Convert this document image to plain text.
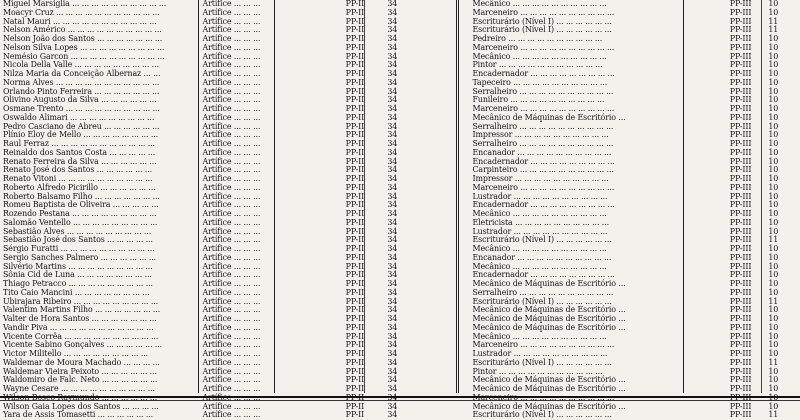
Miguel Marsiglia ... ... ... ... ... ... ... ... ... ...
Moacyr Cruz ... ... ... ... ... ... ... ... ... ... ...
Natal Mauri ... ... ... ... ... ... ... ... ... ... ...
Nelson Américo ... ... ... ... ... ... ... ... ... ...
Nelson João dos Santos ... ... ... ... ... ... ...
Nelson Silva Lopes ... ... ... ... ... ... ... ... ...
Nemésio Garcon ... ... ... ... ... ... ... ... ... ...
Nicola Della Valle ... ... ... ... ... ... ... ... ...
Nilza Maria da Conceição Albernaz ... ...
Norma Alves ... ... ... ... ... ... ... ... ... ... ...
Orlando Pinto Ferreira ... ... ... ... ... ... ...
Olivino Augusto da Silva ... ... ... ... ... ...
Osmane Trento ... ... ... ... ... ... ... ... ... ...
Oswaldo Alimari ... ... ... ... ... ... ... ... ...
Pedro Casciano de Abreu ... ... ... ... ... ...
Plínio Eloy de Mello ... ... ... ... ... ... ... ...
Raul Ferraz ... ... ... ... ... ... ... ... ... ... ...
Reinaldo dos Santos Costa ... ... ... ... ...
Renato Ferreira da Silva ... ... ... ... ... ...
Renato José dos Santos ... ... ... ... ... ...
Renato Vitoni ... ... ... ... ... ... ... ... ... ...
Roberto Alfredo Picirillo ... ... ... ... ... ...
Roberto Balsamo Filho ... ... ... ... ... ... ...
Romeu Baptista de Oliveira ... ... ... ... ...
Rozendo Pestana ... ... ... ... ... ... ... ... ...
Salomão Ventello ... ... ... ... ... ... ... ... ...
Sebastião Alves ... ... ... ... ... ... ... ... ...
Sebastião José dos Santos ... ... ... ... ...
Sérgio Furatti ... ... ... ... ... ... ... ... ... ...
Sergio Sanches Palmero ... ... ... ... ... ...
Silvério Martins ... ... ... ... ... ... ... ... ...
Sônia Cid de Luna ... ... ... ... ... ... ... ...
Thiago Petracco ... ... ... ... ... ... ... ... ...
Tito Caio Mancini ... ... ... ... ... ... ... ...
Ubirajara Ribeiro ... ... ... ... ... ... ... ... ...
Valentim Martins Filho ... ... ... ... ... ... ...
Valter de Hora Santos ... ... ... ... ... ... ...
Vandir Piva ... ... ... ... ... ... ... ... ... ... ...
Vicente Corrêa ... ... ... ... ... ... ... ... ... ...
Vicente Sabino Gonçalves ... ... ... ... ... ...
Victor Militello ... ... ... ... ... ... ... ... ...
Waldemar de Moura Machado ... ... ... ...
Waldemar Vieira Peixoto ... ... ... ... ... ...
Waldomiro de Falc. Neto ... ... ... ... ... ...
Wayne Cesare ... ... ... ... ... ... ... ... ... ...
Wilson Gaia Lopes dos Santos ... ... ... ...
Yara de Assis Tomasetti ... ... ... ... ... ...
Artífice ... ... ...
Artífice ... ... ...
Artífice ... ... ...
Artífice ... ... ...
Artífice ... ... ...
Artífice ... ... ...
Artífice ... ... ...
Artífice ... ... ...
Artífice ... ... ...
Artífice ... ... ...
Artífice ... ... ...
Artífice ... ... ...
Artífice ... ... ...
Artífice ... ... ...
Artífice ... ... ...
Artífice ... ... ...
Artífice ... ... ...
Artífice ... ... ...
Artífice ... ... ...
Artífice ... ... ...
Artífice ... ... ...
Artífice ... ... ...
Artífice ... ... ...
Artífice ... ... ...
Artífice ... ... ...
Artífice ... ... ...
Artífice ... ... ...
Artífice ... ... ...
Artífice ... ... ...
Artífice ... ... ...
Artífice ... ... ...
Artífice ... ... ...
Artífice ... ... ...
Artífice ... ... ...
Artífice ... ... ...
Artífice ... ... ...
Artífice ... ... ...
Artífice ... ... ...
Artífice ... ... ...
Artífice ... ... ...
Artífice ... ... ...
Artífice ... ... ...
Artífice ... ... ...
Artífice ... ... ...
Artífice ... ... ...
Artífice ... ... ...
Artífice ... ... ...
PP-II
PP-II
PP-II
PP-II
PP-II
PP-II
PP-II
PP-II
PP-II
PP-II
PP-II
PP-II
PP-II
PP-II
PP-II
PP-II
PP-II
PP-II
PP-II
PP-II
PP-II
PP-II
PP-II
PP-II
PP-II
PP-II
PP-II
PP-II
PP-II
PP-II
PP-II
PP-II
PP-II
PP-II
PP-II
PP-II
PP-II
PP-II
PP-II
PP-II
PP-II
PP-II
PP-II
PP-II
PP-II
PP-II
PP-II
34
34
34
34
34
34
34
34
34
34
34
34
34
34
34
34
34
34
34
34
34
34
34
34
34
34
34
34
34
34
34
34
34
34
34
34
34
34
34
34
34
34
34
34
34
34
34
Mecânico ... ... ... ... ... ... ... ... ... ...
Marceneiro ... ... ... ... ... ... ... ... ... ...
Escriturário (Nível I) ... ... ... ... ... ...
Escriturário (Nível I) ... ... ... ... ... ...
Pedreiro ... ... ... ... ... ... ... ... ... ...
Marceneiro ... ... ... ... ... ... ... ... ... ...
Mecânico ... ... ... ... ... ... ... ... ... ...
Pintor ... ... ... ... ... ... ... ... ... ... ...
Encadernador ... ... ... ... ... ... ... ... ...
Tapeceiro ... ... ... ... ... ... ... ... ... ...
Serralheiro ... ... ... ... ... ... ... ... ... ...
Funileiro ... ... ... ... ... ... ... ... ... ...
Marceneiro ... ... ... ... ... ... ... ... ... ...
Mecânico de Máquinas de Escritório ...
Serralheiro ... ... ... ... ... ... ... ... ... ...
Impressor ... ... ... ... ... ... ... ... ... ...
Serralheiro ... ... ... ... ... ... ... ... ... ...
Encanador ... ... ... ... ... ... ... ... ... ...
Encadernador ... ... ... ... ... ... ... ... ...
Carpinteiro ... ... ... ... ... ... ... ... ... ...
Impressor ... ... ... ... ... ... ... ... ... ...
Marceneiro ... ... ... ... ... ... ... ... ... ...
Lustrador ... ... ... ... ... ... ... ... ... ...
Encadernador ... ... ... ... ... ... ... ... ...
Mecânico ... ... ... ... ... ... ... ... ... ...
Eletricista ... ... ... ... ... ... ... ... ... ...
Lustrador ... ... ... ... ... ... ... ... ... ...
Escriturário (Nível I) ... ... ... ... ... ...
Mecânico ... ... ... ... ... ... ... ... ... ...
Encanador ... ... ... ... ... ... ... ... ... ...
Mecânico ... ... ... ... ... ... ... ... ... ...
Encadernador ... ... ... ... ... ... ... ... ...
Mecânico de Máquinas de Escritório ...
Serralheiro ... ... ... ... ... ... ... ... ... ...
Escriturário (Nível I) ... ... ... ... ... ...
Mecânico de Máquinas de Escritório ...
Mecânico de Máquinas de Escritório ...
Mecânico de Máquinas de Escritório ...
Mecânico ... ... ... ... ... ... ... ... ... ...
Marceneiro ... ... ... ... ... ... ... ... ... ...
Lustrador ... ... ... ... ... ... ... ... ... ...
Escriturário (Nível I) ... ... ... ... ... ...
Pintor ... ... ... ... ... ... ... ... ... ... ...
Mecânico de Máquinas de Escritório ...
Mecânico de Máquinas de Escritório ...
Mecânico de Máquinas de Escritório ...
Escriturário (Nível I) ... ... ... ... ... ...
PP-III
PP-III
PP-III
PP-III
PP-III
PP-III
PP-III
PP-III
PP-III
PP-III
PP-III
PP-III
PP-III
PP-III
PP-III
PP-III
PP-III
PP-III
PP-III
PP-III
PP-III
PP-III
PP-III
PP-III
PP-III
PP-III
PP-III
PP-III
PP-III
PP-III
PP-III
PP-III
PP-III
PP-III
PP-III
PP-III
PP-III
PP-III
PP-III
PP-III
PP-III
PP-III
PP-III
PP-III
PP-III
PP-III
PP-III
10
10
11
11
10
10
10
10
10
10
10
10
10
10
10
10
10
10
10
10
10
10
10
10
10
10
10
11
10
10
10
10
10
10
11
10
10
10
10
10
10
11
10
10
10
10
11
